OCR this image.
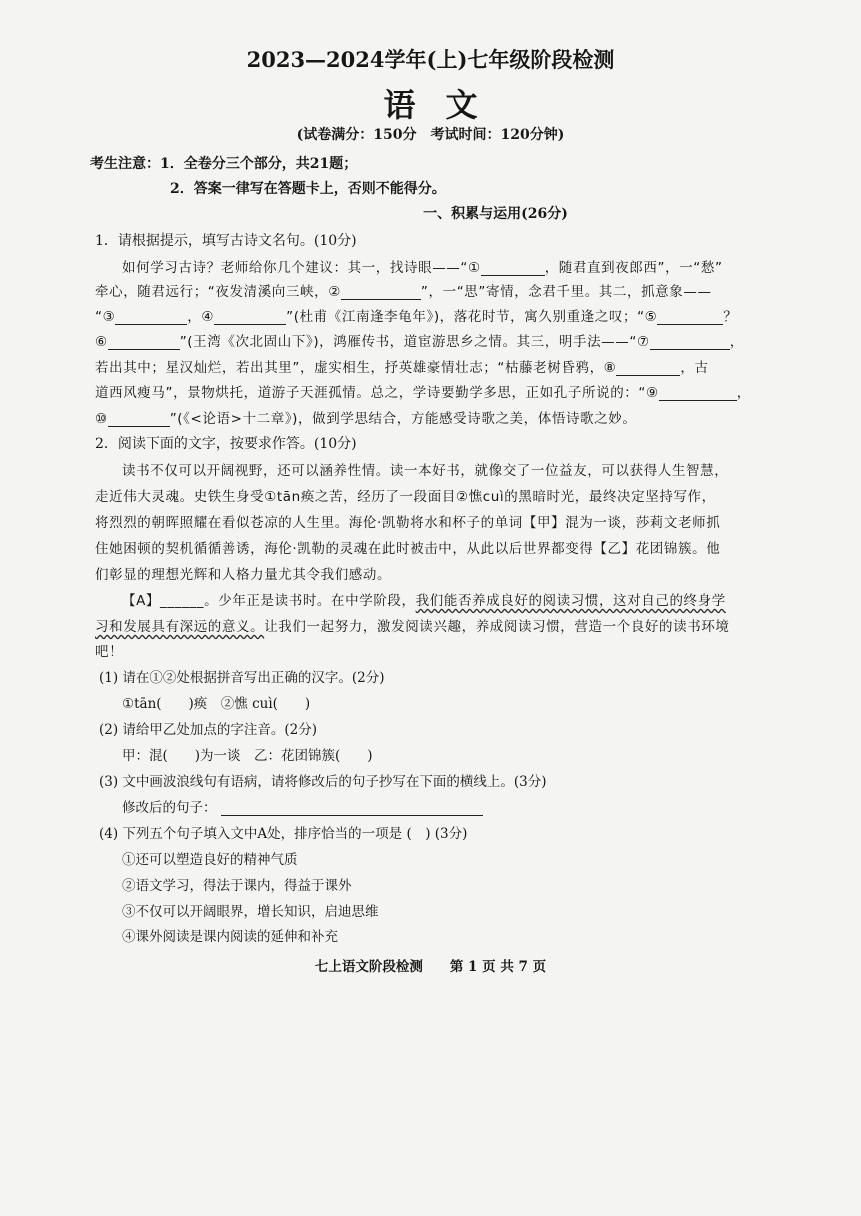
2023—2024学年(上)七年级阶段检测
语文
(试卷满分：150分　考试时间：120分钟)
考生注意：1．全卷分三个部分，共21题；
2．答案一律写在答题卡上，否则不能得分。
一、积累与运用(26分)
1．请根据提示，填写古诗文名句。(10分)
如何学习古诗？老师给你几个建议：其一，找诗眼——“①	，随君直到夜郎西”，一“愁”
牵心，随君远行；“夜发清溪向三峡，②	”，一“思”寄情，念君千里。其二，抓意象——
“③	，④	”(杜甫《江南逢李龟年》)，落花时节，寓久别重逢之叹；“⑤	？
⑥	”(王湾《次北固山下》)，鸿雁传书，道宦游思乡之情。其三，明手法——“⑦	，
若出其中；星汉灿烂，若出其里”，虚实相生，抒英雄豪情壮志；“枯藤老树昏鸦，⑧	，古
道西风瘦马”，景物烘托，道游子天涯孤情。总之，学诗要勤学多思，正如孔子所说的：“⑨	，
⑩	”(《<论语>十二章》)，做到学思结合，方能感受诗歌之美，体悟诗歌之妙。
2．阅读下面的文字，按要求作答。(10分)
读书不仅可以开阔视野，还可以涵养性情。读一本好书，就像交了一位益友，可以获得人生智慧，
走近伟大灵魂。史铁生身受①tān痪之苦，经历了一段面目②憔cuì的黑暗时光，最终决定坚持写作，
将烈烈的朝晖照耀在看似苍凉的人生里。海伦·凯勒将水和杯子的单词【甲】混为一谈，莎莉文老师抓
住她困顿的契机循循善诱，海伦·凯勒的灵魂在此时被击中，从此以后世界都变得【乙】花团锦簇。他
们彰显的理想光辉和人格力量尤其令我们感动。
【A】______。少年正是读书时。在中学阶段，我们能否养成良好的阅读习惯，这对自己的终身学
习和发展具有深远的意义。让我们一起努力，激发阅读兴趣，养成阅读习惯，营造一个良好的读书环境
吧！
(1) 请在①②处根据拼音写出正确的汉字。(2分)
①tān(　　)痪　②憔 cuì(　　)
(2) 请给甲乙处加点的字注音。(2分)
甲：混(　　)为一谈　乙：花团锦簇(　　)
(3) 文中画波浪线句有语病，请将修改后的句子抄写在下面的横线上。(3分)
修改后的句子：
(4) 下列五个句子填入文中A处，排序恰当的一项是 (　) (3分)
①还可以塑造良好的精神气质
②语文学习，得法于课内，得益于课外
③不仅可以开阔眼界，增长知识，启迪思维
④课外阅读是课内阅读的延伸和补充
七上语文阶段检测　　第 1 页 共 7 页
